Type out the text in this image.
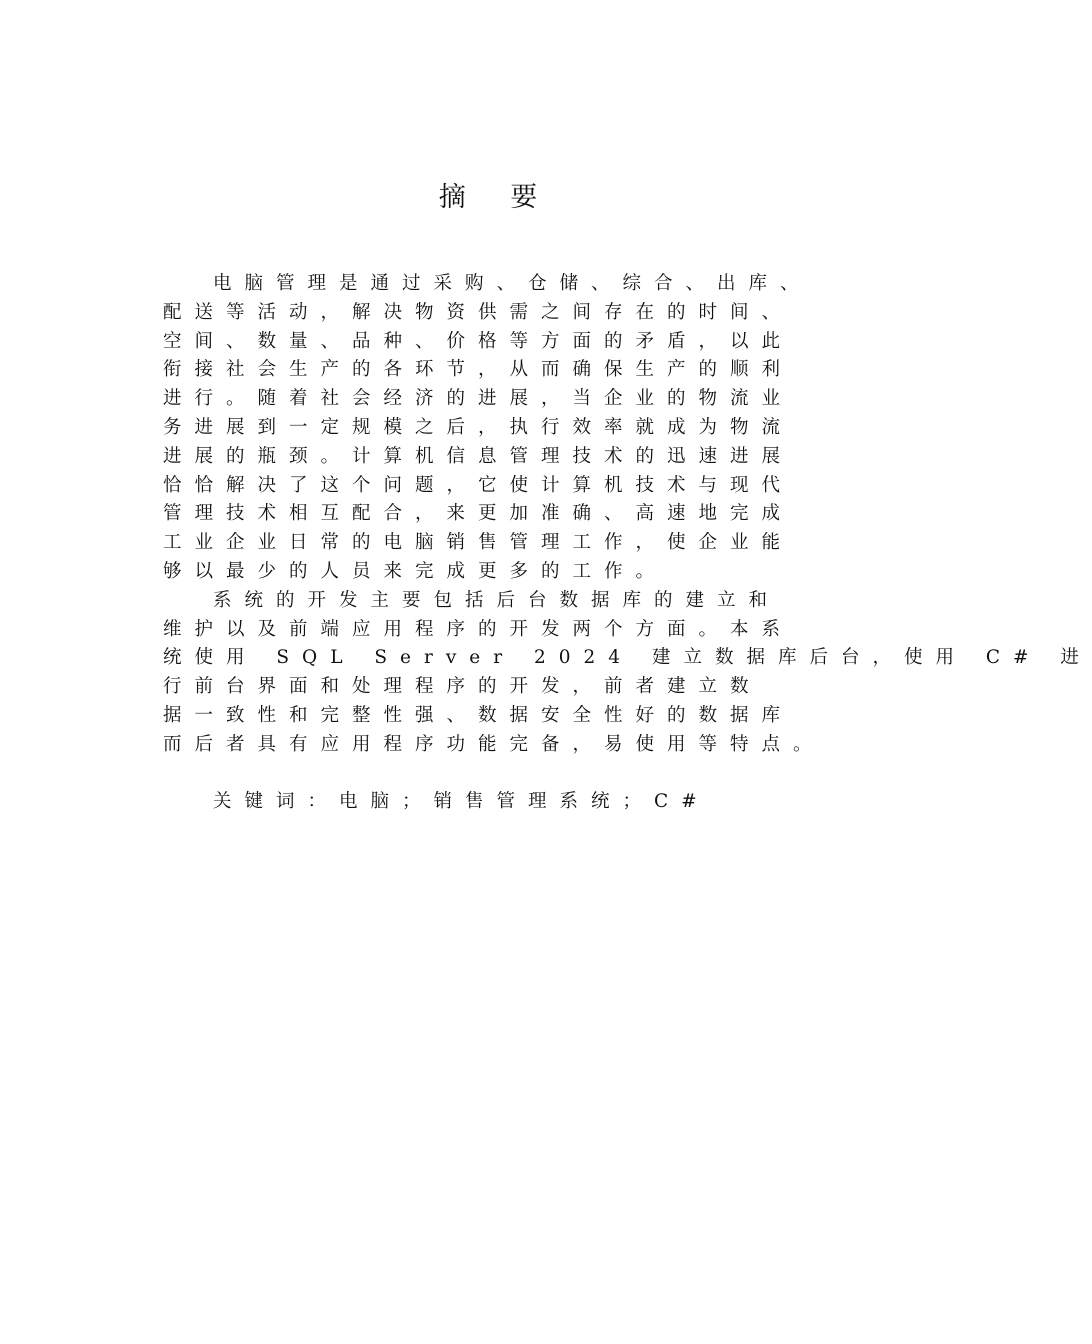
摘 要
电脑管理是通过采购、仓储、综合、出库、
配送等活动，解决物资供需之间存在的时间、
空间、数量、品种、价格等方面的矛盾，以此
衔接社会生产的各环节，从而确保生产的顺利
进行。随着社会经济的进展，当企业的物流业
务进展到一定规模之后，执行效率就成为物流
进展的瓶颈。计算机信息管理技术的迅速进展
恰恰解决了这个问题，它使计算机技术与现代
管理技术相互配合，来更加准确、高速地完成
工业企业日常的电脑销售管理工作，使企业能
够以最少的人员来完成更多的工作。
系统的开发主要包括后台数据库的建立和
维护以及前端应用程序的开发两个方面。本系
统使用 SQL Server 2024 建立数据库后台，使用 C# 进
行前台界面和处理程序的开发，前者建立数
据一致性和完整性强、数据安全性好的数据库
而后者具有应用程序功能完备，易使用等特点。
关键词：电脑；销售管理系统；C#
